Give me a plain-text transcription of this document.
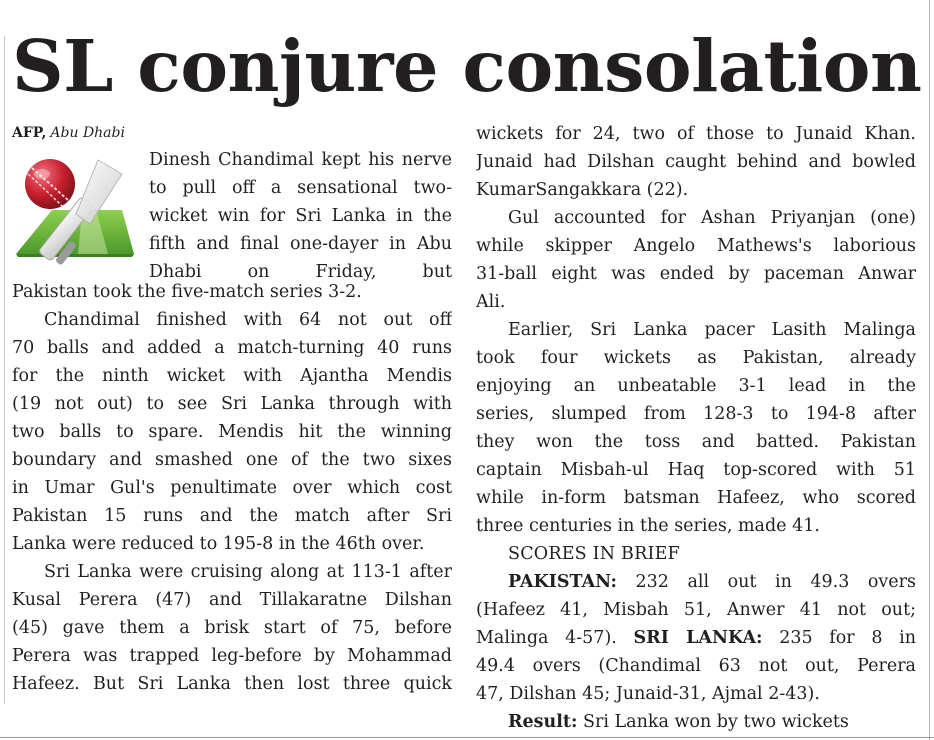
SL conjure consolation
AFP, Abu Dhabi

Dinesh Chandimal kept his nerve to pull off a sensational two-wicket win for Sri Lanka in the fifth and final one-dayer in Abu Dhabi on Friday, but

Pakistan took the five-match series 3-2.

Chandimal finished with 64 not out off

70 balls and added a match-turning 40 runs

for the ninth wicket with Ajantha Mendis

(19 not out) to see Sri Lanka through with

two balls to spare. Mendis hit the winning

boundary and smashed one of the two sixes

in Umar Gul's penultimate over which cost

Pakistan 15 runs and the match after Sri

Lanka were reduced to 195-8 in the 46th over.

Sri Lanka were cruising along at 113-1 after

Kusal Perera (47) and Tillakaratne Dilshan

(45) gave them a brisk start of 75, before

Perera was trapped leg-before by Mohammad

Hafeez. But Sri Lanka then lost three quick

wickets for 24, two of those to Junaid Khan.

Junaid had Dilshan caught behind and bowled

KumarSangakkara (22).

Gul accounted for Ashan Priyanjan (one)

while skipper Angelo Mathews's laborious

31-ball eight was ended by paceman Anwar

Ali.

Earlier, Sri Lanka pacer Lasith Malinga

took four wickets as Pakistan, already

enjoying an unbeatable 3-1 lead in the

series, slumped from 128-3 to 194-8 after

they won the toss and batted. Pakistan

captain Misbah-ul Haq top-scored with 51

while in-form batsman Hafeez, who scored

three centuries in the series, made 41.

SCORES IN BRIEF

PAKISTAN: 232 all out in 49.3 overs

(Hafeez 41, Misbah 51, Anwer 41 not out;

Malinga 4-57). SRI LANKA: 235 for 8 in

49.4 overs (Chandimal 63 not out, Perera

47, Dilshan 45; Junaid-31, Ajmal 2-43).

Result: Sri Lanka won by two wickets
